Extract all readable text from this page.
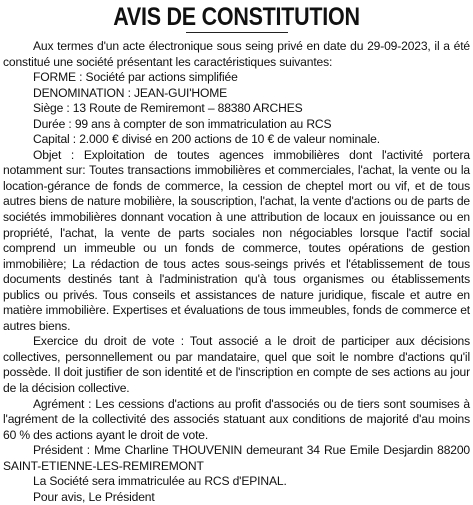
AVIS DE CONSTITUTION

Aux termes d'un acte électronique sous seing privé en date du 29-09-2023, il a été constitué une société présentant les caractéristiques suivantes:

FORME : Société par actions simplifiée

DENOMINATION : JEAN-GUI'HOME

Siège : 13 Route de Remiremont – 88380 ARCHES

Durée : 99 ans à compter de son immatriculation au RCS

Capital : 2.000 € divisé en 200 actions de 10 € de valeur nominale.

Objet : Exploitation de toutes agences immobilières dont l'activité portera notamment sur: Toutes transactions immobilières et commerciales, l'achat, la vente ou la location-gérance de fonds de commerce, la cession de cheptel mort ou vif, et de tous autres biens de nature mobilière, la souscription, l'achat, la vente d'actions ou de parts de sociétés immobilières donnant vocation à une attribution de locaux en jouissance ou en propriété, l'achat, la vente de parts sociales non négociables lorsque l'actif social comprend un immeuble ou un fonds de commerce, toutes opérations de gestion immobilière; La rédaction de tous actes sous-seings privés et l'établissement de tous documents destinés tant à l'administration qu'à tous organismes ou établissements publics ou privés. Tous conseils et assistances de nature juridique, fiscale et autre en matière immobilière. Expertises et évaluations de tous immeubles, fonds de commerce et autres biens.

Exercice du droit de vote : Tout associé a le droit de participer aux décisions collectives, personnellement ou par mandataire, quel que soit le nombre d'actions qu'il possède. Il doit justifier de son identité et de l'inscription en compte de ses actions au jour de la décision collective.

Agrément : Les cessions d'actions au profit d'associés ou de tiers sont soumises à l'agrément de la collectivité des associés statuant aux conditions de majorité d'au moins 60 % des actions ayant le droit de vote.

Président : Mme Charline THOUVENIN demeurant 34 Rue Emile Desjardin 88200 SAINT-ETIENNE-LES-REMIREMONT

La Société sera immatriculée au RCS d'EPINAL.

Pour avis, Le Président
